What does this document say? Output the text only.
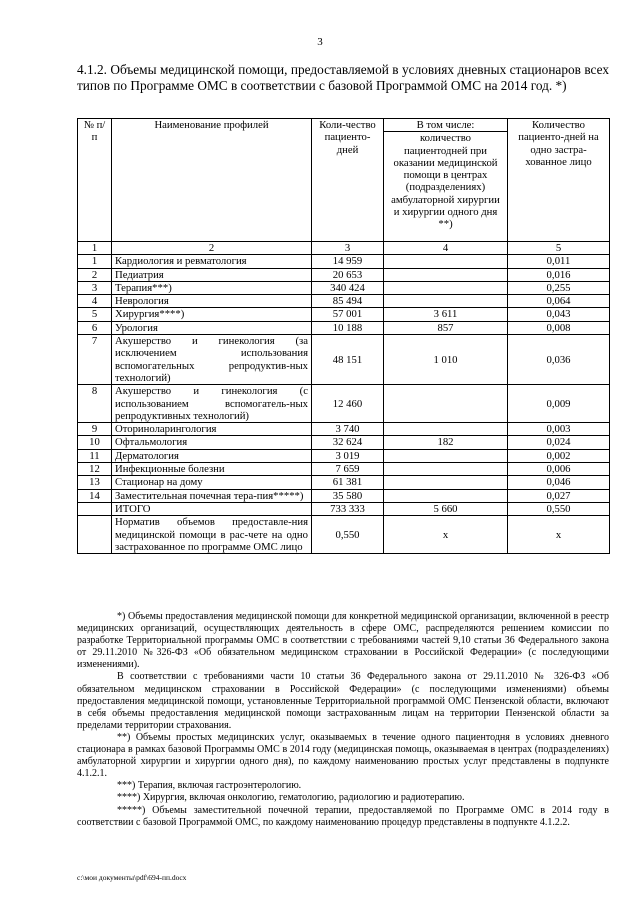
3
4.1.2. Объемы медицинской помощи, предоставляемой в условиях дневных стационаров всех типов по Программе ОМС в соответствии с базовой Программой ОМС на 2014 год. *)
№ п/п	Наименование профилей	Коли-чество пациенто-дней	В том числе:	Количество пациенто-дней на одно застра-хованное лицо
			количество пациентодней при оказании медицинской помощи в центрах (подразделениях) амбулаторной хирургии и хирургии одного дня **)	
1	2	3	4	5
1	Кардиология и ревматология	14 959		0,011
2	Педиатрия	20 653		0,016
3	Терапия***)	340 424		0,255
4	Неврология	85 494		0,064
5	Хирургия****)	57 001	3 611	0,043
6	Урология	10 188	857	0,008
7	Акушерство и гинекология (за исключением использования вспомогательных репродуктив-ных технологий)	48 151	1 010	0,036
8	Акушерство и гинекология (с использованием вспомогатель-ных репродуктивных технологий)	12 460		0,009
9	Оториноларингология	3 740		0,003
10	Офтальмология	32 624	182	0,024
11	Дерматология	3 019		0,002
12	Инфекционные болезни	7 659		0,006
13	Стационар на дому	61 381		0,046
14	Заместительная почечная тера-пия*****)	35 580		0,027
	ИТОГО	733 333	5 660	0,550
	Норматив объемов предоставле-ния медицинской помощи в рас-чете на одно застрахованное по программе ОМС лицо	0,550	х	х

*) Объемы предоставления медицинской помощи для конкретной медицинской организации, включенной в реестр медицинских организаций, осуществляющих деятельность в сфере ОМС, распределяются решением комиссии по разработке Территориальной программы ОМС в соответствии с требованиями частей 9,10 статьи 36 Федерального закона от 29.11.2010 №326-ФЗ «Об обязательном медицинском страховании в Российской Федерации» (с последующими изменениями).

В соответствии с требованиями части 10 статьи 36 Федерального закона от 29.11.2010 № 326-ФЗ «Об обязательном медицинском страховании в Российской Федерации» (с последующими изменениями) объемы предоставления медицинской помощи, установленные Территориальной программой ОМС Пензенской области, включают в себя объемы предоставления медицинской помощи застрахованным лицам на территории Пензенской области за пределами территории страхования.

**) Объемы простых медицинских услуг, оказываемых в течение одного пациентодня в условиях дневного стационара в рамках базовой Программы ОМС в 2014 году (медицинская помощь, оказываемая в центрах (подразделениях) амбулаторной хирургии и хирургии одного дня), по каждому наименованию простых услуг представлены в подпункте 4.1.2.1.

***) Терапия, включая гастроэнтерологию.

****) Хирургия, включая онкологию, гематологию, радиологию и радиотерапию.

*****) Объемы заместительной почечной терапии, предоставляемой по Программе ОМС в 2014 году в соответствии с базовой Программой ОМС, по каждому наименованию процедур представлены в подпункте 4.1.2.2.

c:\мои документы\pdf\694-пп.docx
